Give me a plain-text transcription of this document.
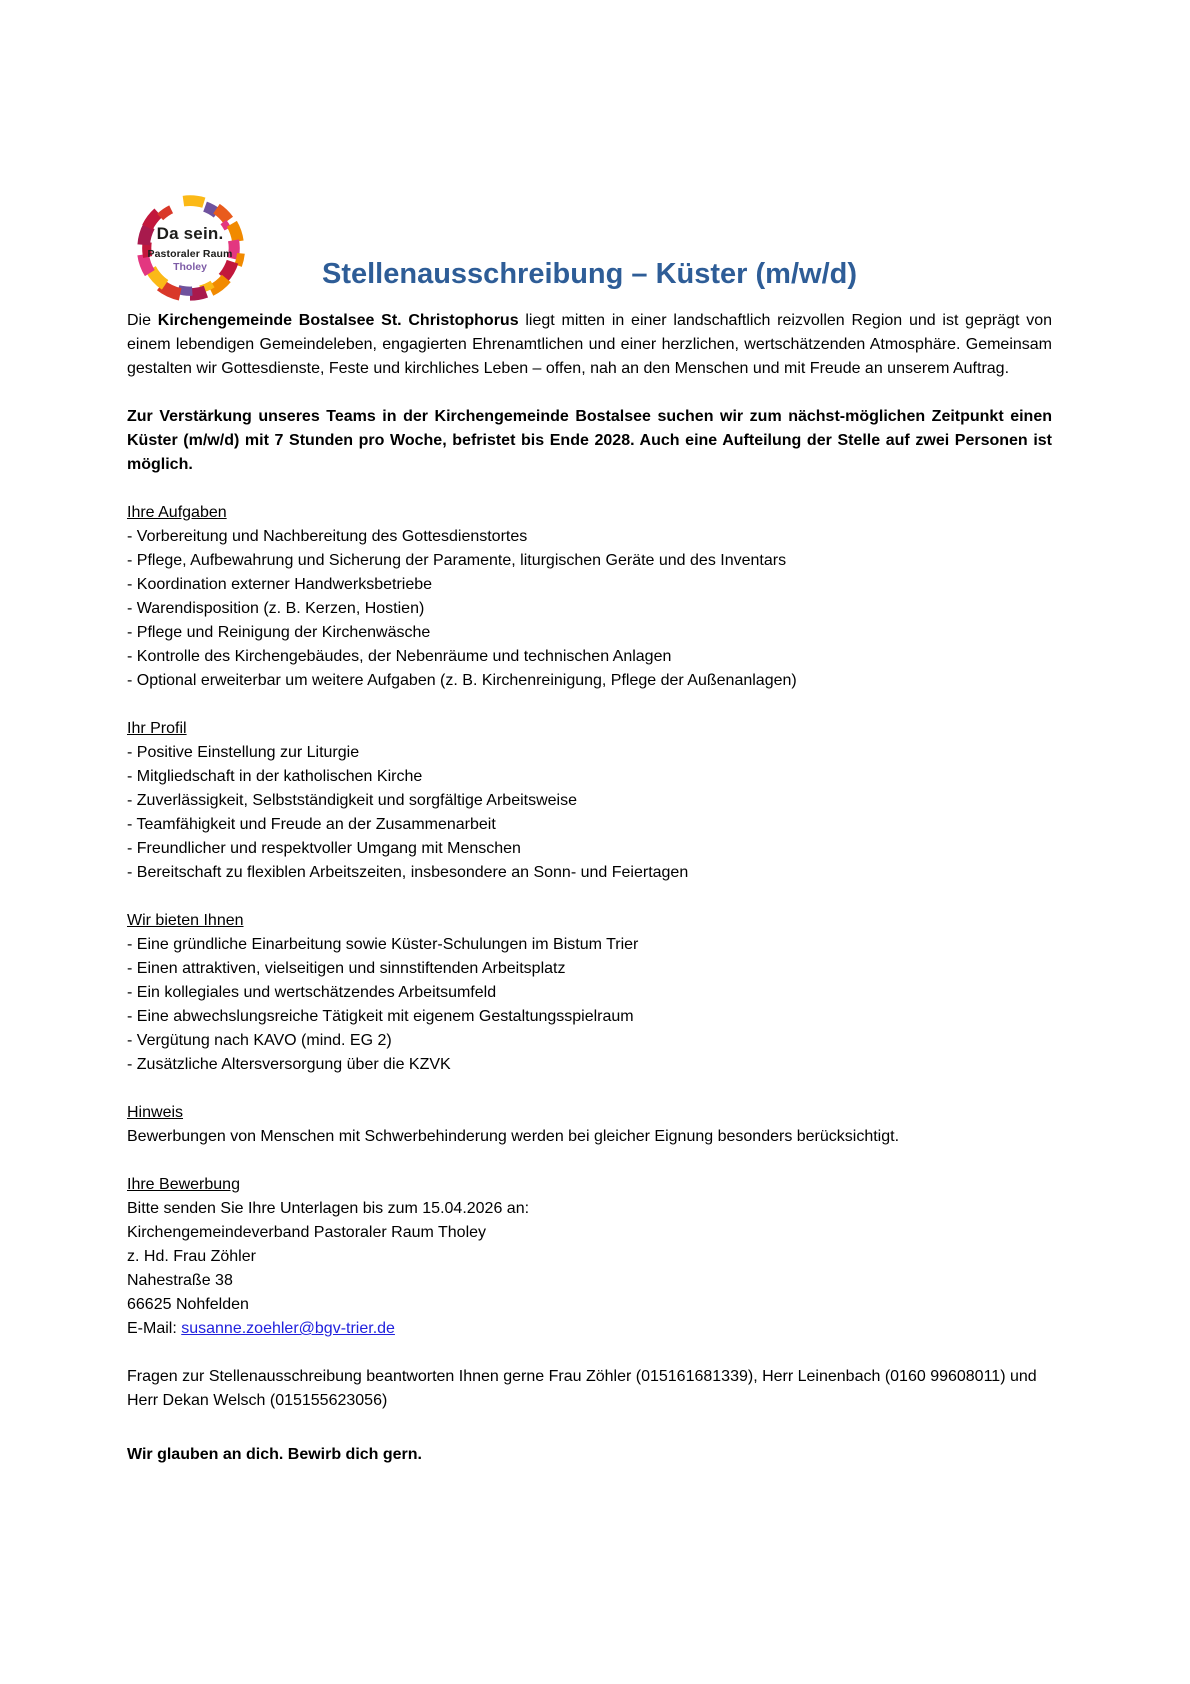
Da sein.
Pastoraler Raum
Tholey	Stellenausschreibung – Küster (m/w/d)

Die Kirchengemeinde Bostalsee St. Christophorus liegt mitten in einer landschaftlich reizvollen Region und ist geprägt von einem lebendigen Gemeindeleben, engagierten Ehrenamtlichen und einer herzlichen, wertschätzenden Atmosphäre. Gemeinsam gestalten wir Gottesdienste, Feste und kirchliches Leben – offen, nah an den Menschen und mit Freude an unserem Auftrag.

Zur Verstärkung unseres Teams in der Kirchengemeinde Bostalsee suchen wir zum nächst-möglichen Zeitpunkt einen Küster (m/w/d) mit 7 Stunden pro Woche, befristet bis Ende 2028. Auch eine Aufteilung der Stelle auf zwei Personen ist möglich.

Ihre Aufgaben
- Vorbereitung und Nachbereitung des Gottesdienstortes
- Pflege, Aufbewahrung und Sicherung der Paramente, liturgischen Geräte und des Inventars
- Koordination externer Handwerksbetriebe
- Warendisposition (z. B. Kerzen, Hostien)
- Pflege und Reinigung der Kirchenwäsche
- Kontrolle des Kirchengebäudes, der Nebenräume und technischen Anlagen
- Optional erweiterbar um weitere Aufgaben (z. B. Kirchenreinigung, Pflege der Außenanlagen)
Ihr Profil
- Positive Einstellung zur Liturgie
- Mitgliedschaft in der katholischen Kirche
- Zuverlässigkeit, Selbstständigkeit und sorgfältige Arbeitsweise
- Teamfähigkeit und Freude an der Zusammenarbeit
- Freundlicher und respektvoller Umgang mit Menschen
- Bereitschaft zu flexiblen Arbeitszeiten, insbesondere an Sonn- und Feiertagen
Wir bieten Ihnen
- Eine gründliche Einarbeitung sowie Küster-Schulungen im Bistum Trier
- Einen attraktiven, vielseitigen und sinnstiftenden Arbeitsplatz
- Ein kollegiales und wertschätzendes Arbeitsumfeld
- Eine abwechslungsreiche Tätigkeit mit eigenem Gestaltungsspielraum
- Vergütung nach KAVO (mind. EG 2)
- Zusätzliche Altersversorgung über die KZVK
Hinweis
Bewerbungen von Menschen mit Schwerbehinderung werden bei gleicher Eignung besonders berücksichtigt.
Ihre Bewerbung
Bitte senden Sie Ihre Unterlagen bis zum 15.04.2026 an:
Kirchengemeindeverband Pastoraler Raum Tholey
z. Hd. Frau Zöhler
Nahestraße 38
66625 Nohfelden
E-Mail: susanne.zoehler@bgv-trier.de

Fragen zur Stellenausschreibung beantworten Ihnen gerne Frau Zöhler (015161681339), Herr Leinenbach (0160 99608011) und Herr Dekan Welsch (015155623056)

Wir glauben an dich. Bewirb dich gern.
